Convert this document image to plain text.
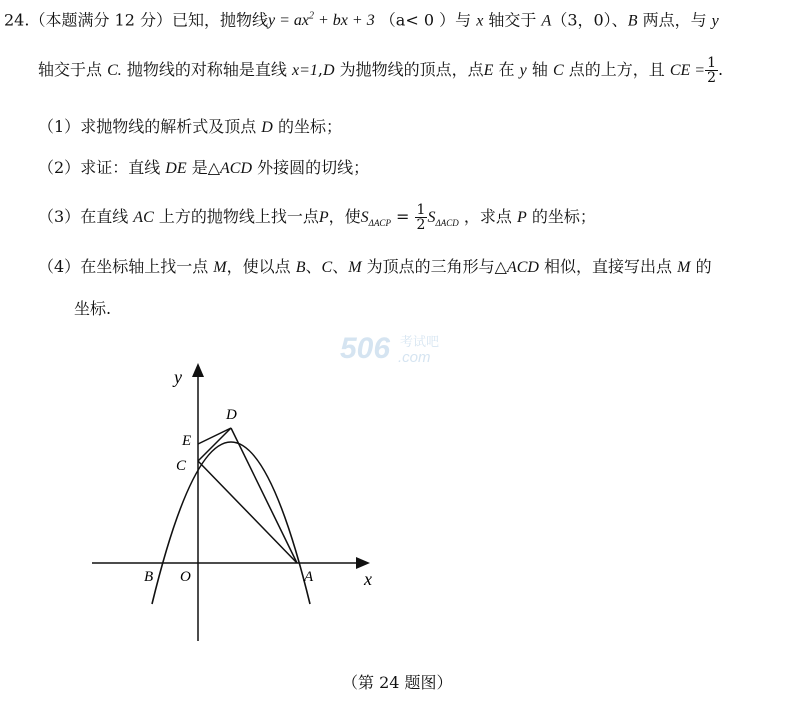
24.（本题满分 12 分）已知，抛物线$y = ax^2$ + bx + 3 （a< 0 ）与 x 轴交于 A（3，0）、B 两点，与 y
轴交于点 C. 抛物线的对称轴是直线 x=1,D 为抛物线的顶点，点E 在 y 轴 C 点的上方，且 CE = $\frac{1}{2}$ .
（1）求抛物线的解析式及顶点 D 的坐标；
（2）求证：直线 DE 是△ACD 外接圆的切线；
（3）在直线 AC 上方的抛物线上找一点P，使$S_{\Delta ACP} = \frac{1}{2} S_{\Delta ACD}$ ，求点 P 的坐标；
（4）在坐标轴上找一点 M，使以点 B、C、M 为顶点的三角形与△ACD 相似，直接写出点 M 的
坐标.
506 考试吧
.com
y
x
O
B	A
C
E
D
（第 24 题图）
